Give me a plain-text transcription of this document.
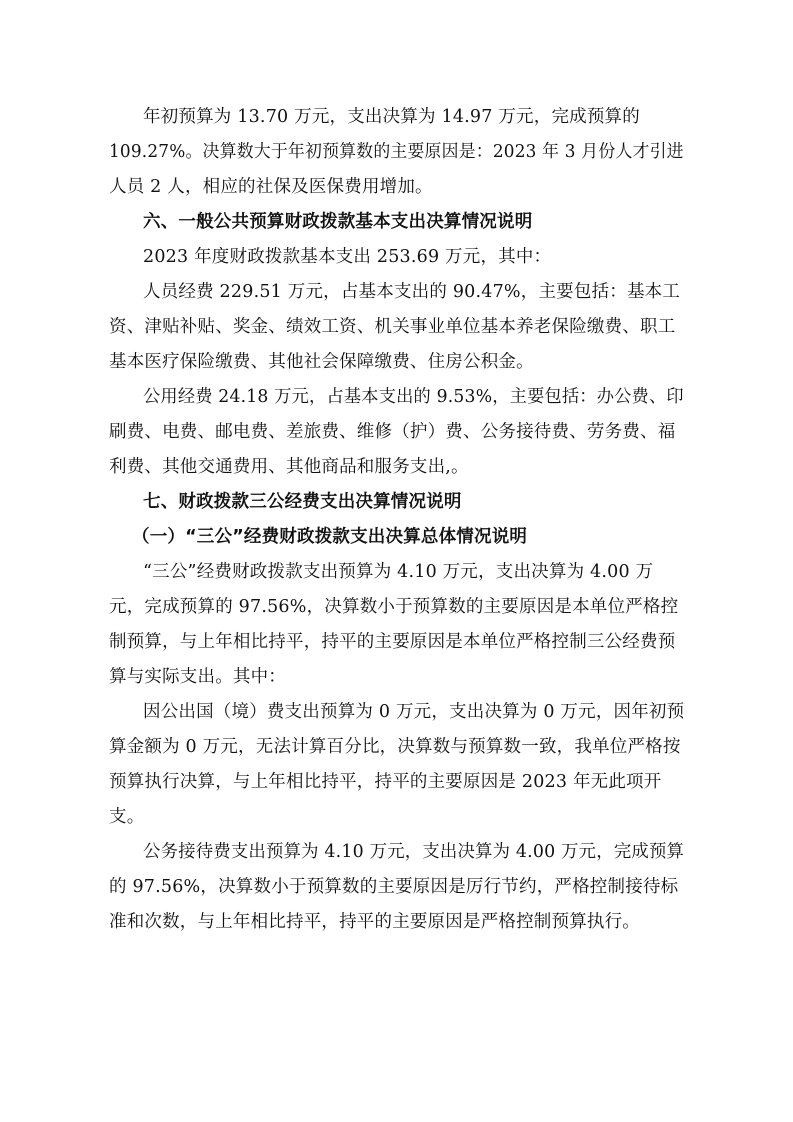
年初预算为 13.70 万元，支出决算为 14.97 万元，完成预算的
109.27%。决算数大于年初预算数的主要原因是：2023 年 3 月份人才引进
人员 2 人，相应的社保及医保费用增加。
六、一般公共预算财政拨款基本支出决算情况说明
2023 年度财政拨款基本支出 253.69 万元，其中：
人员经费 229.51 万元，占基本支出的 90.47%，主要包括：基本工
资、津贴补贴、奖金、绩效工资、机关事业单位基本养老保险缴费、职工
基本医疗保险缴费、其他社会保障缴费、住房公积金。
公用经费 24.18 万元，占基本支出的 9.53%，主要包括：办公费、印
刷费、电费、邮电费、差旅费、维修（护）费、公务接待费、劳务费、福
利费、其他交通费用、其他商品和服务支出,。
七、财政拨款三公经费支出决算情况说明
（一）“三公”经费财政拨款支出决算总体情况说明
“三公”经费财政拨款支出预算为 4.10 万元，支出决算为 4.00 万
元，完成预算的 97.56%，决算数小于预算数的主要原因是本单位严格控
制预算，与上年相比持平，持平的主要原因是本单位严格控制三公经费预
算与实际支出。其中：
因公出国（境）费支出预算为 0 万元，支出决算为 0 万元，因年初预
算金额为 0 万元，无法计算百分比，决算数与预算数一致，我单位严格按
预算执行决算，与上年相比持平，持平的主要原因是 2023 年无此项开
支。
公务接待费支出预算为 4.10 万元，支出决算为 4.00 万元，完成预算
的 97.56%，决算数小于预算数的主要原因是厉行节约，严格控制接待标
准和次数，与上年相比持平，持平的主要原因是严格控制预算执行。
